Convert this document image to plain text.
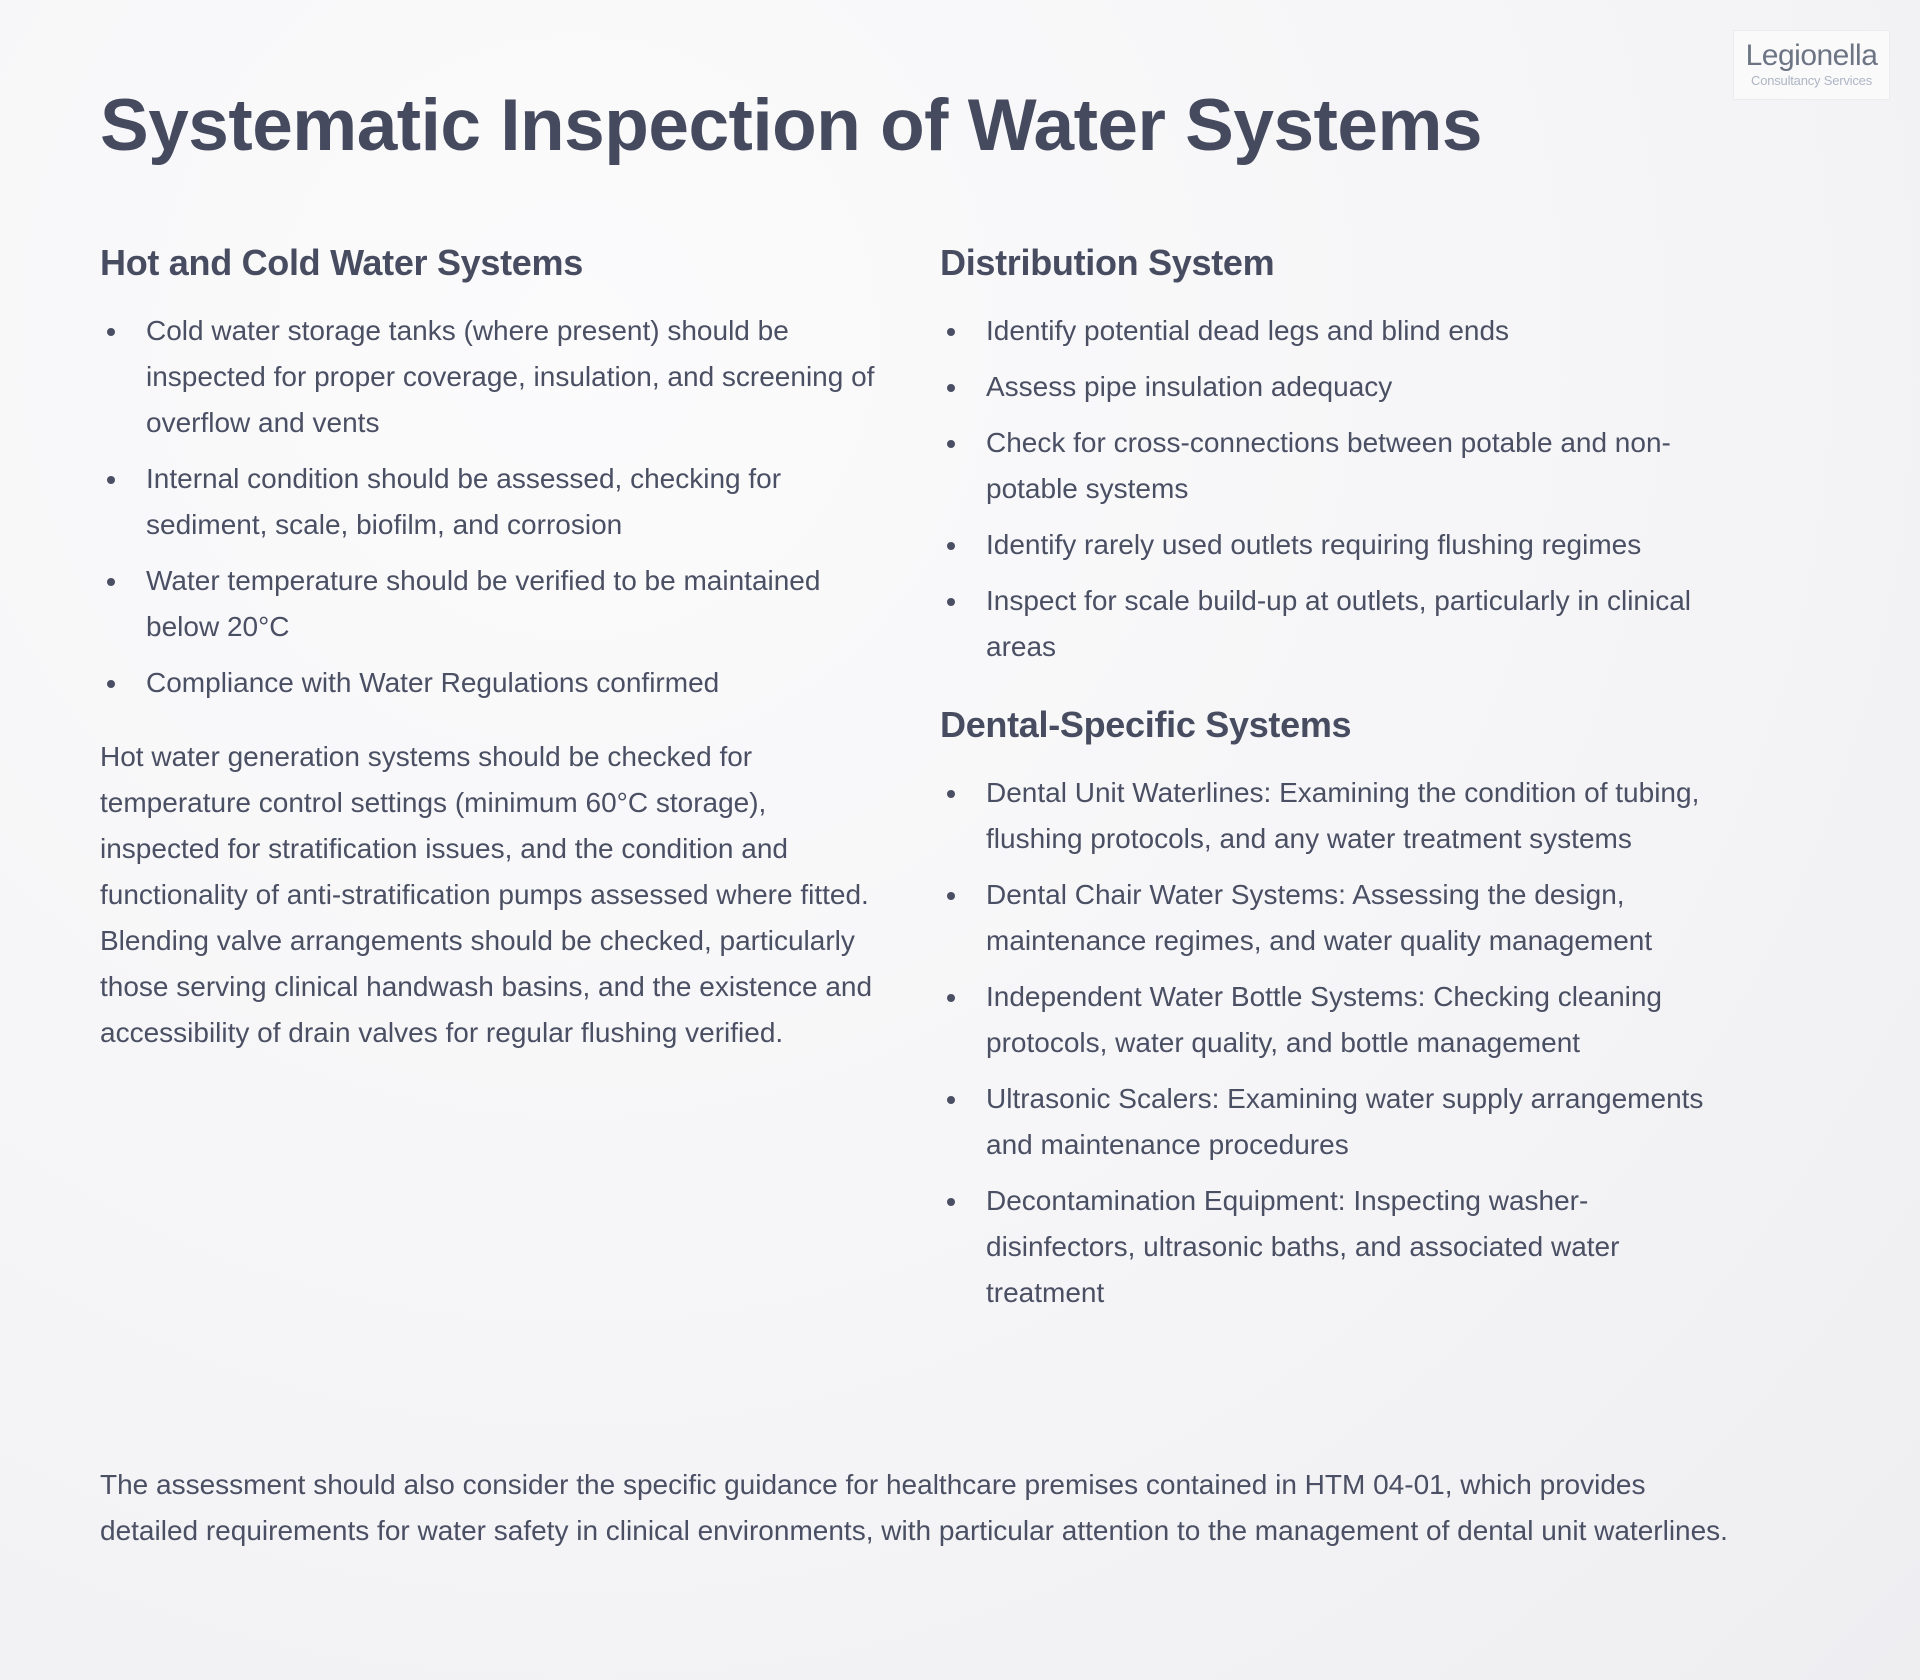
Legionella
Consultancy Services
Systematic Inspection of Water Systems
Hot and Cold Water Systems
Cold water storage tanks (where present) should be inspected for proper coverage, insulation, and screening of overflow and vents
Internal condition should be assessed, checking for sediment, scale, biofilm, and corrosion
Water temperature should be verified to be maintained below 20°C
Compliance with Water Regulations confirmed

Hot water generation systems should be checked for temperature control settings (minimum 60°C storage), inspected for stratification issues, and the condition and functionality of anti-stratification pumps assessed where fitted. Blending valve arrangements should be checked, particularly those serving clinical handwash basins, and the existence and accessibility of drain valves for regular flushing verified.

Distribution System
Identify potential dead legs and blind ends
Assess pipe insulation adequacy
Check for cross-connections between potable and non-potable systems
Identify rarely used outlets requiring flushing regimes
Inspect for scale build-up at outlets, particularly in clinical areas
Dental-Specific Systems
Dental Unit Waterlines: Examining the condition of tubing, flushing protocols, and any water treatment systems
Dental Chair Water Systems: Assessing the design, maintenance regimes, and water quality management
Independent Water Bottle Systems: Checking cleaning protocols, water quality, and bottle management
Ultrasonic Scalers: Examining water supply arrangements and maintenance procedures
Decontamination Equipment: Inspecting washer-disinfectors, ultrasonic baths, and associated water treatment

The assessment should also consider the specific guidance for healthcare premises contained in HTM 04-01, which provides detailed requirements for water safety in clinical environments, with particular attention to the management of dental unit waterlines.
